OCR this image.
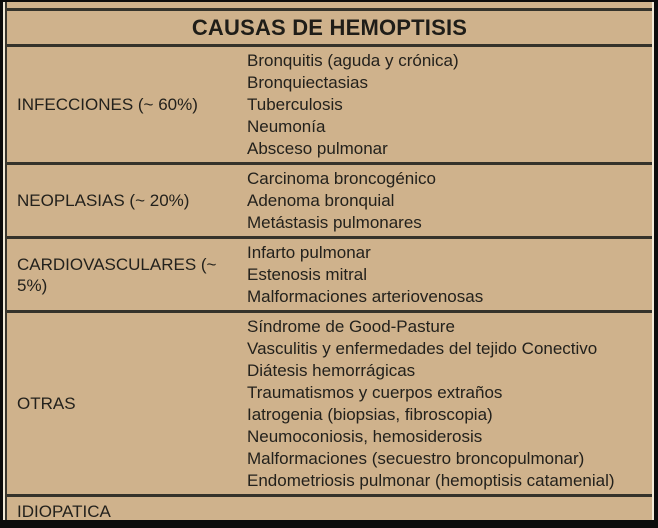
CAUSAS DE HEMOPTISIS
INFECCIONES (~ 60%)
Bronquitis (aguda y crónica)
Bronquiectasias
Tuberculosis
Neumonía
Absceso pulmonar
NEOPLASIAS (~ 20%)
Carcinoma broncogénico
Adenoma bronquial
Metástasis pulmonares
CARDIOVASCULARES (~ 5%)
Infarto pulmonar
Estenosis mitral
Malformaciones arteriovenosas
OTRAS
Síndrome de Good-Pasture
Vasculitis y enfermedades del tejido Conectivo
Diátesis hemorrágicas
Traumatismos y cuerpos extraños
Iatrogenia (biopsias, fibroscopia)
Neumoconiosis, hemosiderosis
Malformaciones (secuestro broncopulmonar)
Endometriosis pulmonar (hemoptisis catamenial)
IDIOPATICA
